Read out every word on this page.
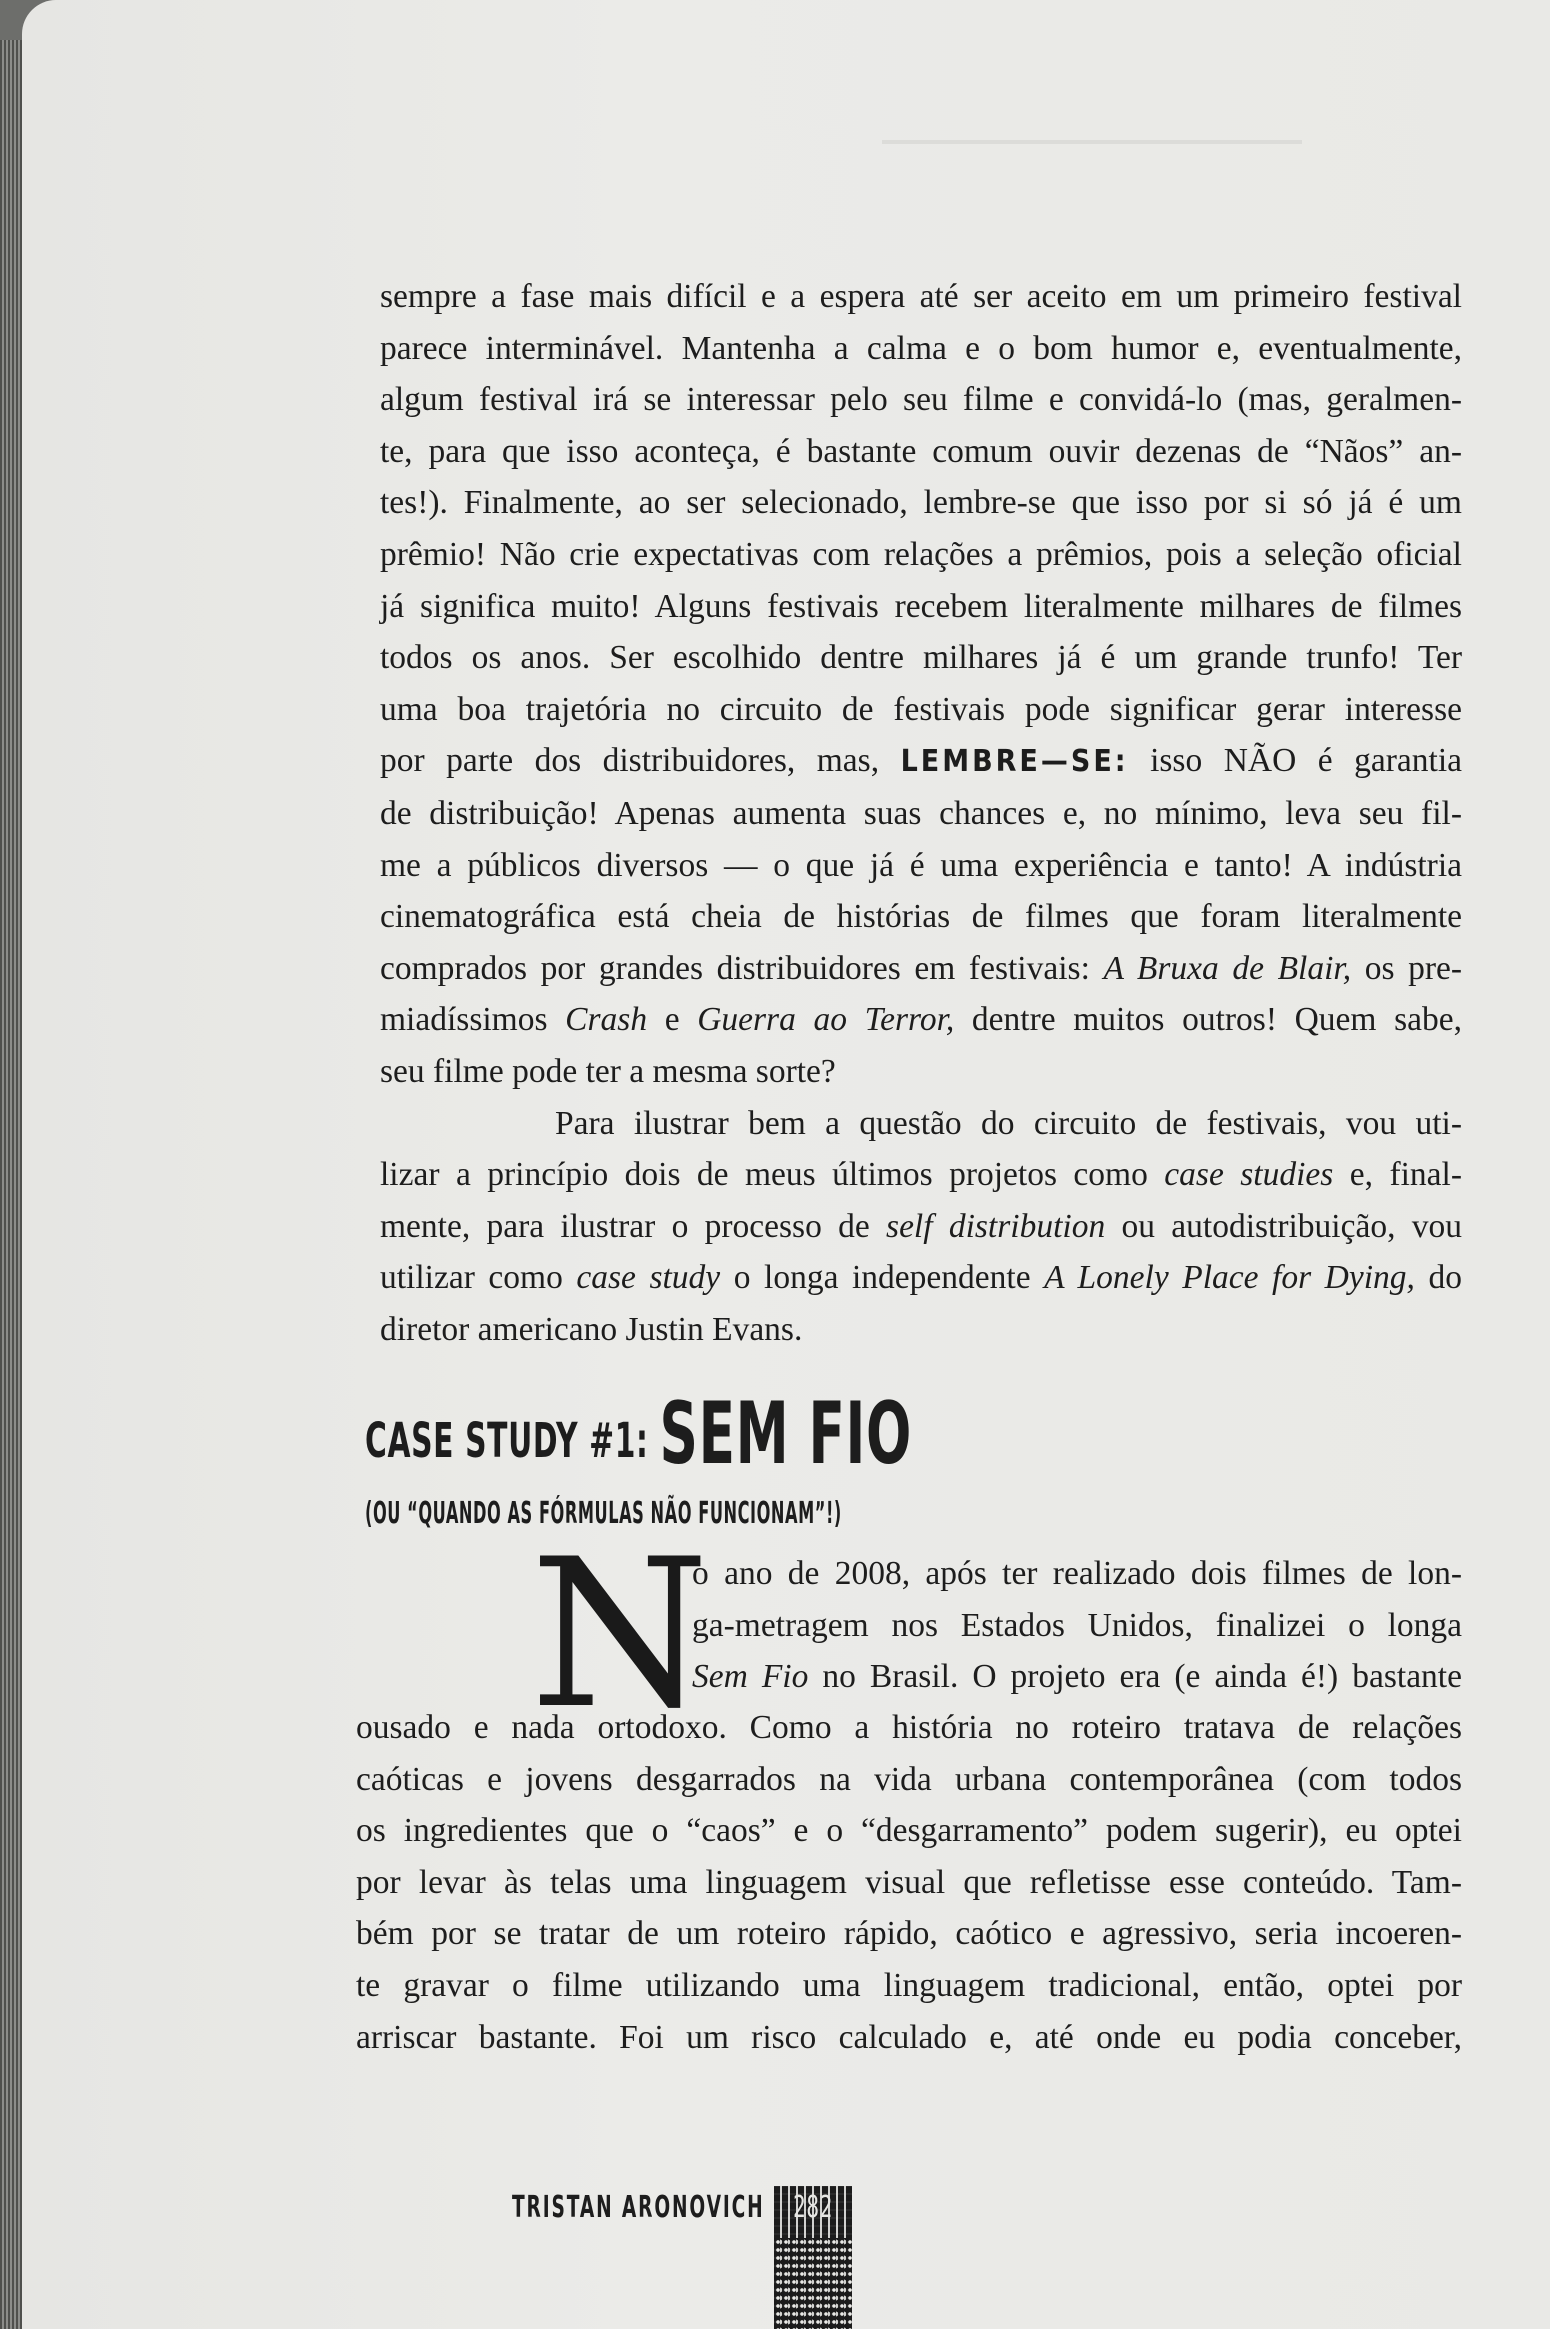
sempre a fase mais difícil e a espera até ser aceito em um primeiro festival

parece interminável. Mantenha a calma e o bom humor e, eventualmente,

algum festival irá se interessar pelo seu filme e convidá-lo (mas, geralmen-

te, para que isso aconteça, é bastante comum ouvir dezenas de “Nãos” an-

tes!). Finalmente, ao ser selecionado, lembre-se que isso por si só já é um

prêmio! Não crie expectativas com relações a prêmios, pois a seleção oficial

já significa muito! Alguns festivais recebem literalmente milhares de filmes

todos os anos. Ser escolhido dentre milhares já é um grande trunfo! Ter

uma boa trajetória no circuito de festivais pode significar gerar interesse

por parte dos distribuidores, mas, LEMBRE—SE: isso NÃO é garantia

de distribuição! Apenas aumenta suas chances e, no mínimo, leva seu fil-

me a públicos diversos — o que já é uma experiência e tanto! A indústria

cinematográfica está cheia de histórias de filmes que foram literalmente

comprados por grandes distribuidores em festivais: A Bruxa de Blair, os pre-

miadíssimos Crash e Guerra ao Terror, dentre muitos outros! Quem sabe,

seu filme pode ter a mesma sorte?

Para ilustrar bem a questão do circuito de festivais, vou uti-

lizar a princípio dois de meus últimos projetos como case studies e, final-

mente, para ilustrar o processo de self distribution ou autodistribuição, vou

utilizar como case study o longa independente A Lonely Place for Dying, do

diretor americano Justin Evans.

CASE STUDY #1: SEM FIO
(OU “QUANDO AS FÓRMULAS NÃO FUNCIONAM”!)
N

o ano de 2008, após ter realizado dois filmes de lon-

ga-metragem nos Estados Unidos, finalizei o longa

Sem Fio no Brasil. O projeto era (e ainda é!) bastante

ousado e nada ortodoxo. Como a história no roteiro tratava de relações

caóticas e jovens desgarrados na vida urbana contemporânea (com todos

os ingredientes que o “caos” e o “desgarramento” podem sugerir), eu optei

por levar às telas uma linguagem visual que refletisse esse conteúdo. Tam-

bém por se tratar de um roteiro rápido, caótico e agressivo, seria incoeren-

te gravar o filme utilizando uma linguagem tradicional, então, optei por

arriscar bastante. Foi um risco calculado e, até onde eu podia conceber,

TRISTAN ARONOVICH 282
